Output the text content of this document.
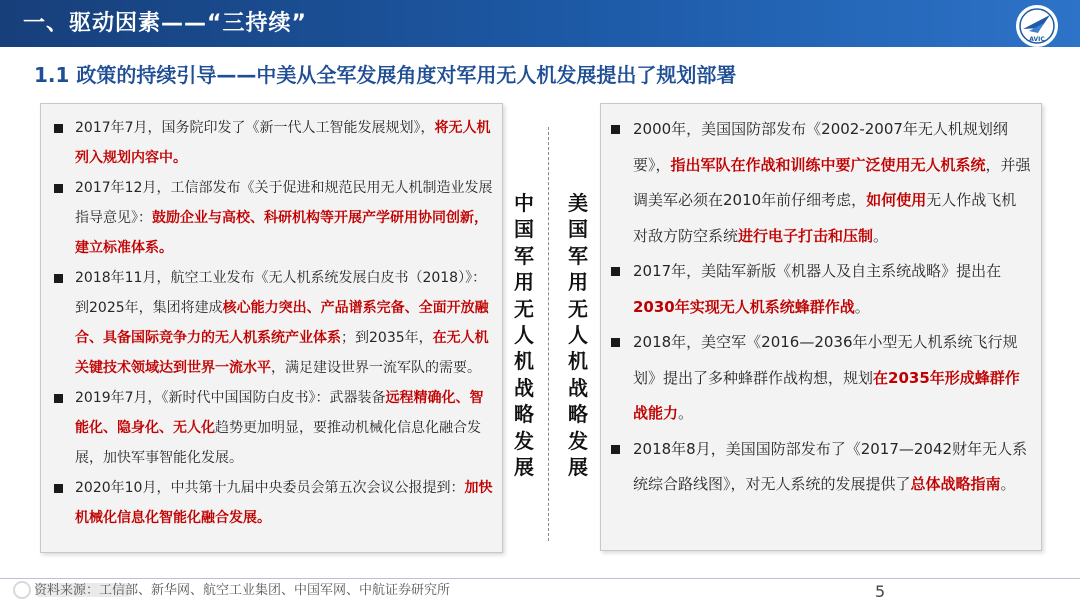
一、驱动因素——“三持续”
AVIC
1.1 政策的持续引导——中美从全军发展角度对军用无人机发展提出了规划部署
2017年7月，国务院印发了《新一代人工智能发展规划》，将无人机列入规划内容中。
2017年12月，工信部发布《关于促进和规范民用无人机制造业发展指导意见》：鼓励企业与高校、科研机构等开展产学研用协同创新，建立标准体系。
2018年11月，航空工业发布《无人机系统发展白皮书（2018）》：到2025年，集团将建成核心能力突出、产品谱系完备、全面开放融合、具备国际竞争力的无人机系统产业体系；到2035年，在无人机关键技术领域达到世界一流水平，满足建设世界一流军队的需要。
2019年7月，《新时代中国国防白皮书》：武器装备远程精确化、智能化、隐身化、无人化趋势更加明显，要推动机械化信息化融合发展，加快军事智能化发展。
2020年10月，中共第十九届中央委员会第五次会议公报提到：加快机械化信息化智能化融合发展。
中国军用无人机战略发展
美国军用无人机战略发展
2000年，美国国防部发布《2002-2007年无人机规划纲要》，指出军队在作战和训练中要广泛使用无人机系统，并强调美军必须在2010年前仔细考虑，如何使用无人作战飞机对敌方防空系统进行电子打击和压制。
2017年，美陆军新版《机器人及自主系统战略》提出在2030年实现无人机系统蜂群作战。
2018年，美空军《2016—2036年小型无人机系统飞行规划》提出了多种蜂群作战构想，规划在2035年形成蜂群作战能力。
2018年8月，美国国防部发布了《2017—2042财年无人系统综合路线图》，对无人系统的发展提供了总体战略指南。
资料来源：工信部、新华网、航空工业集团、中国军网、中航证券研究所	5
